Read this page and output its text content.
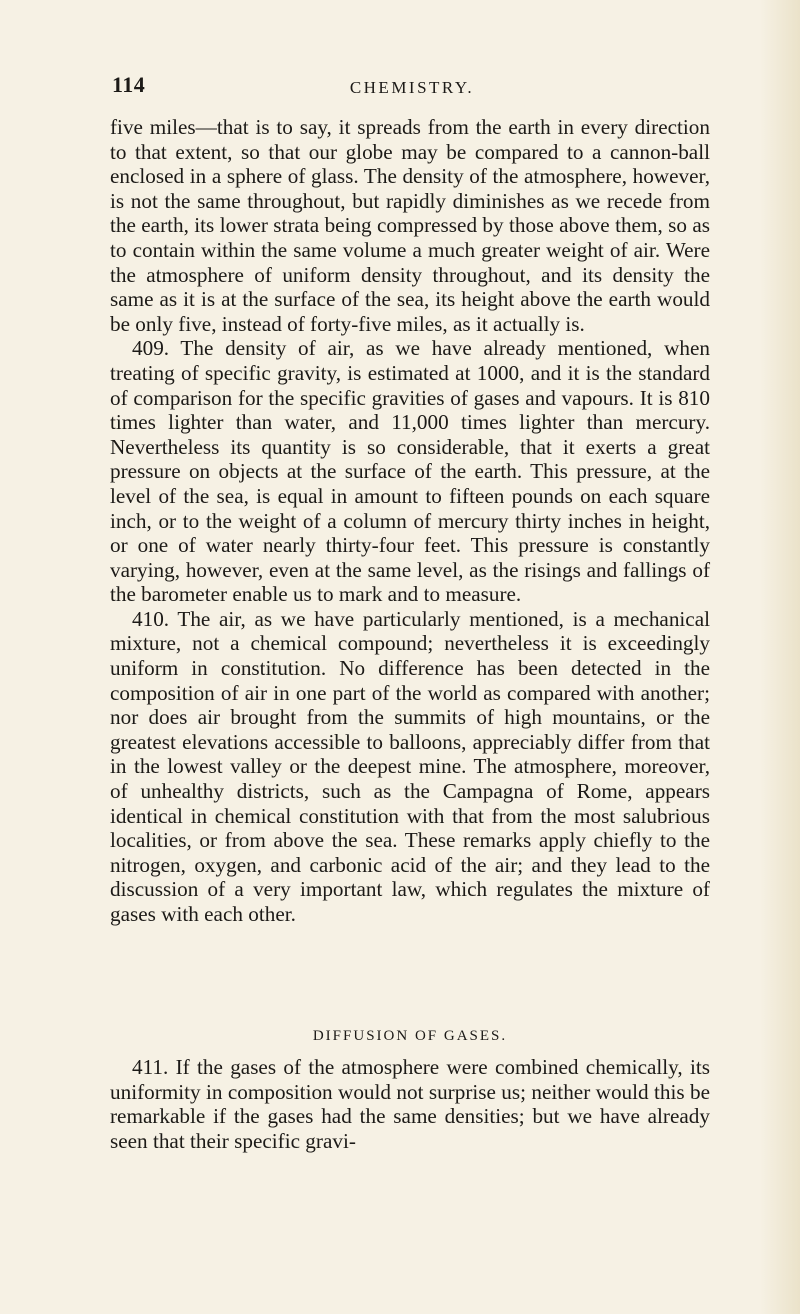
114	CHEMISTRY.

five miles—that is to say, it spreads from the earth in every direction to that extent, so that our globe may be compared to a cannon-ball enclosed in a sphere of glass. The density of the atmosphere, however, is not the same throughout, but rapidly diminishes as we recede from the earth, its lower strata being compressed by those above them, so as to contain within the same volume a much greater weight of air. Were the atmosphere of uniform density throughout, and its density the same as it is at the surface of the sea, its height above the earth would be only five, instead of forty-five miles, as it actually is.

409. The density of air, as we have already mentioned, when treating of specific gravity, is estimated at 1000, and it is the standard of comparison for the specific gravities of gases and vapours. It is 810 times lighter than water, and 11,000 times lighter than mercury. Nevertheless its quantity is so considerable, that it exerts a great pressure on objects at the surface of the earth. This pressure, at the level of the sea, is equal in amount to fifteen pounds on each square inch, or to the weight of a column of mercury thirty inches in height, or one of water nearly thirty-four feet. This pressure is constantly varying, however, even at the same level, as the risings and fallings of the barometer enable us to mark and to measure.

410. The air, as we have particularly mentioned, is a mechanical mixture, not a chemical compound; nevertheless it is exceedingly uniform in constitution. No difference has been detected in the composition of air in one part of the world as compared with another; nor does air brought from the summits of high mountains, or the greatest elevations accessible to balloons, appreciably differ from that in the lowest valley or the deepest mine. The atmosphere, moreover, of unhealthy districts, such as the Campagna of Rome, appears identical in chemical constitution with that from the most salubrious localities, or from above the sea. These remarks apply chiefly to the nitrogen, oxygen, and carbonic acid of the air; and they lead to the discussion of a very important law, which regulates the mixture of gases with each other.

DIFFUSION OF GASES.

411. If the gases of the atmosphere were combined chemically, its uniformity in composition would not surprise us; neither would this be remarkable if the gases had the same densities; but we have already seen that their specific gravi-
